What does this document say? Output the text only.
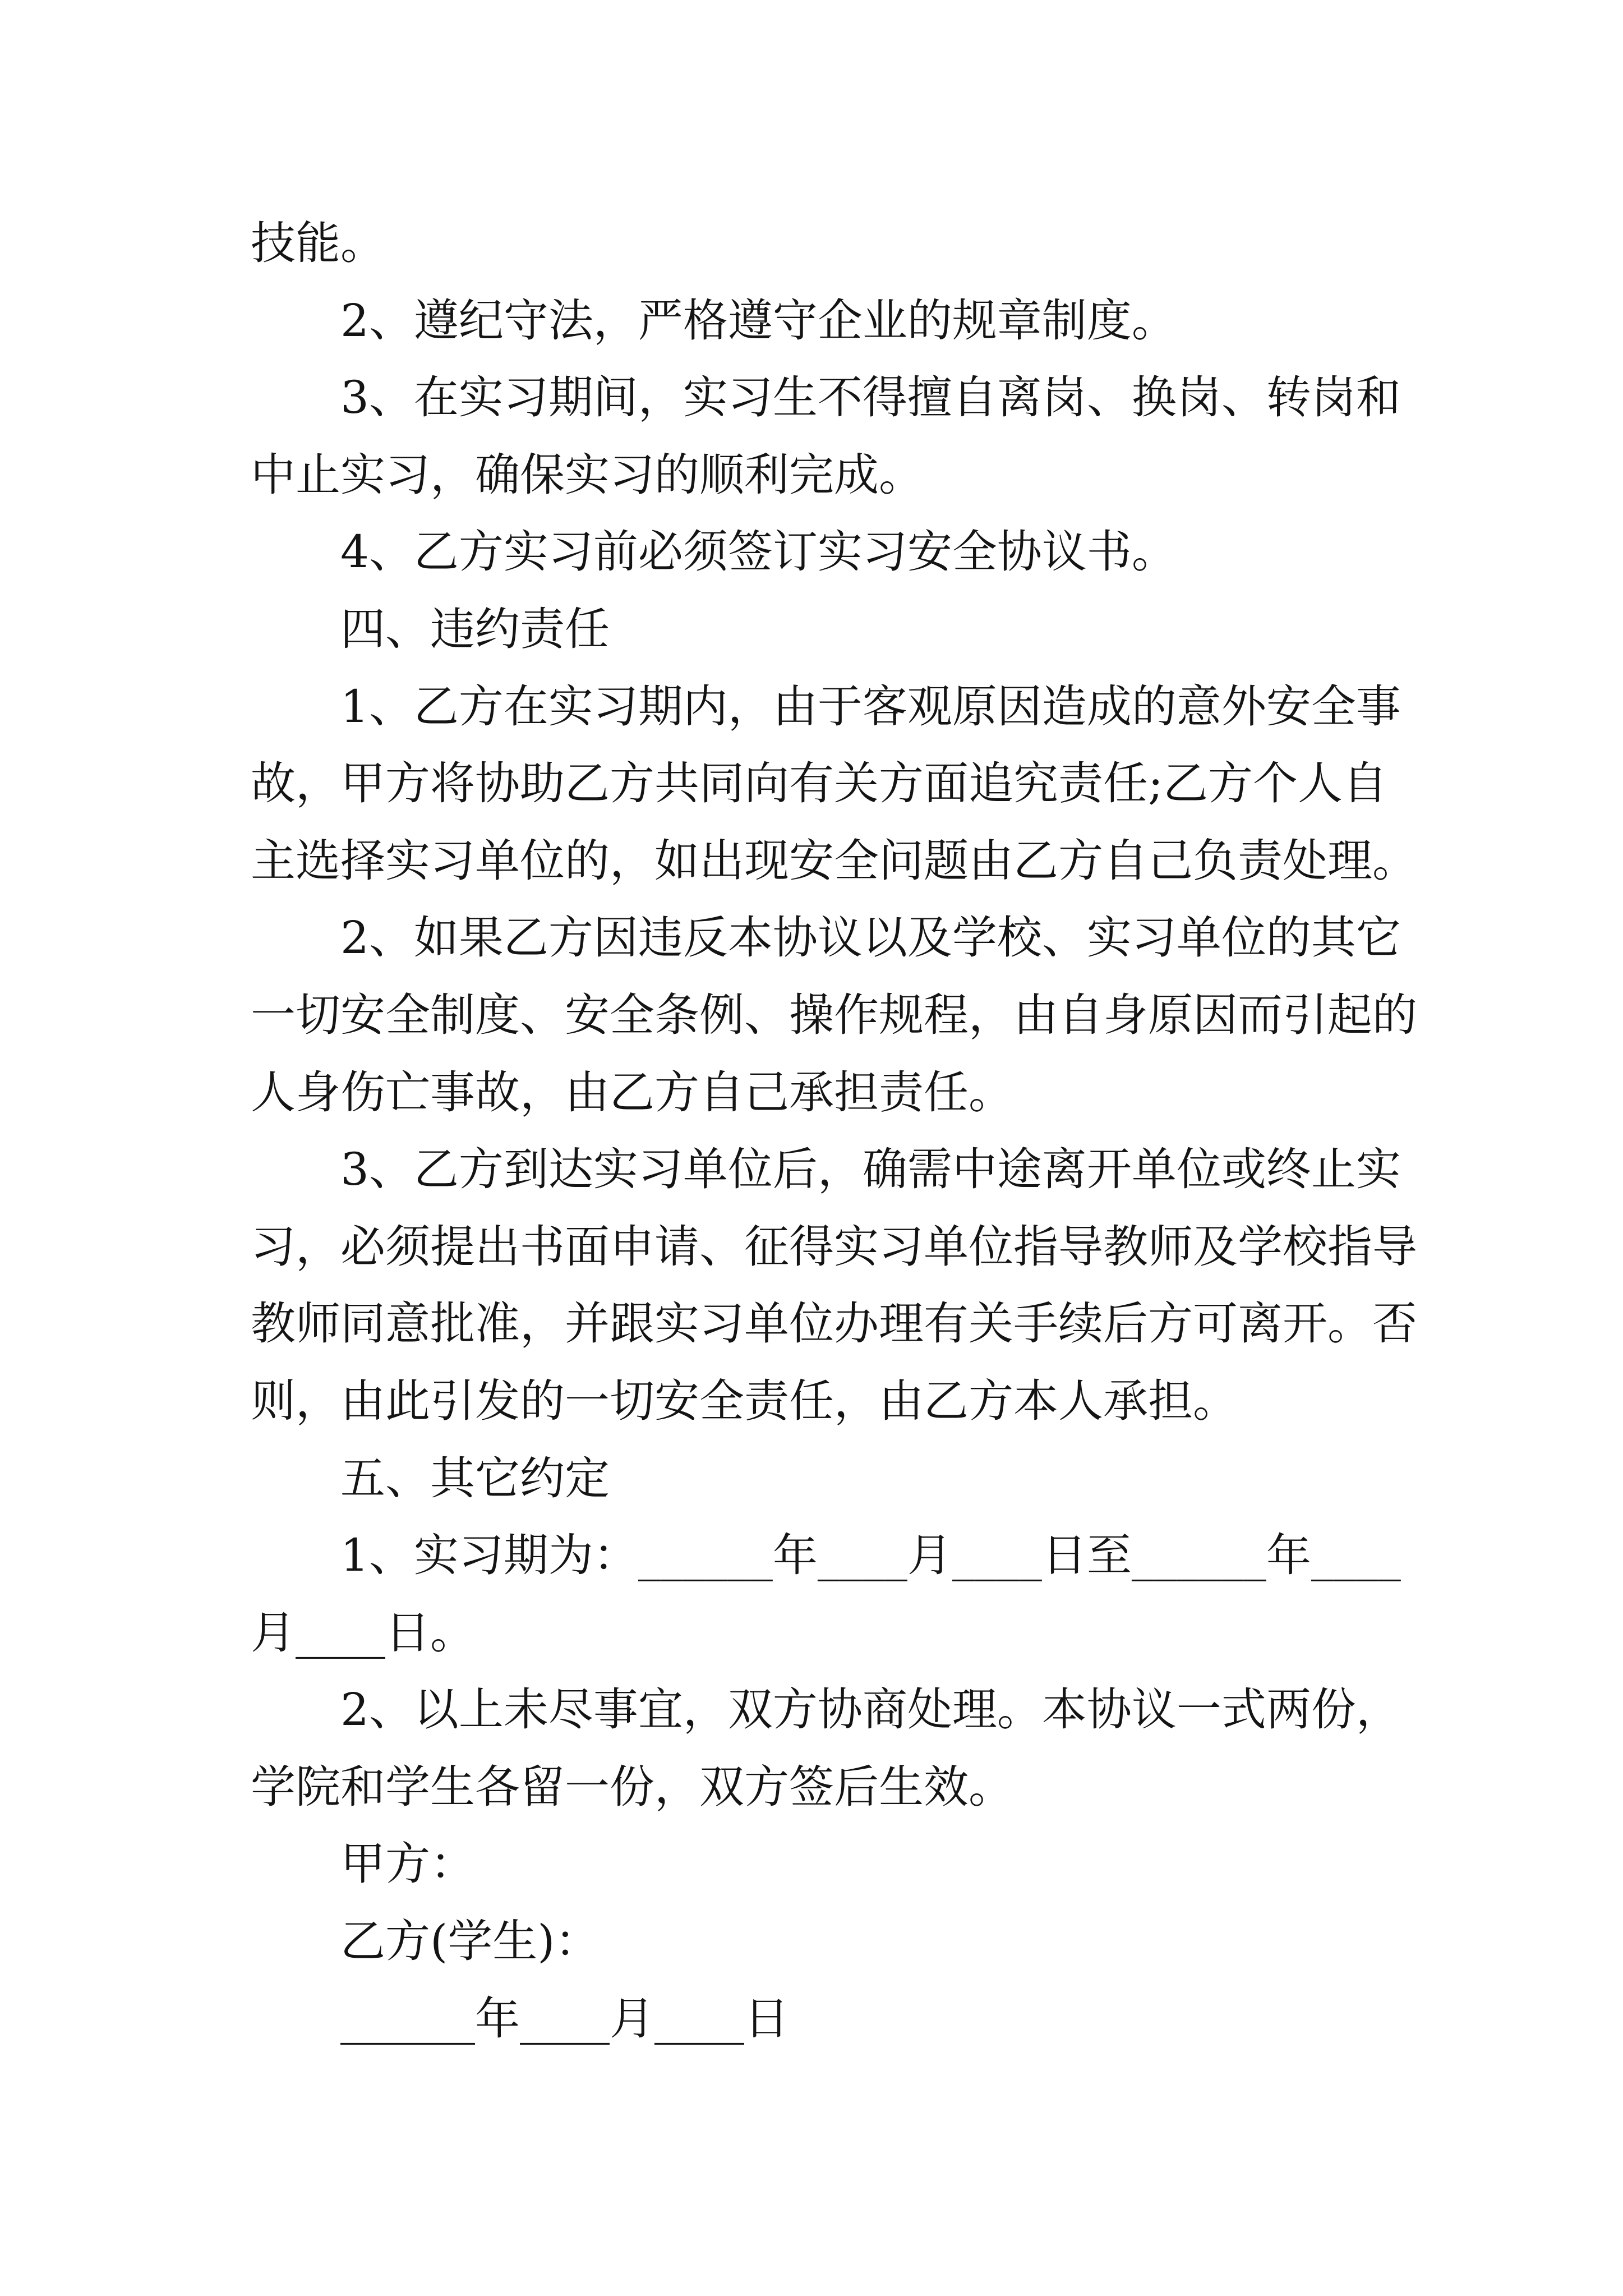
技能。

2、遵纪守法，严格遵守企业的规章制度。

3、在实习期间，实习生不得擅自离岗、换岗、转岗和
中止实习，确保实习的顺利完成。

4、乙方实习前必须签订实习安全协议书。

四、违约责任

1、乙方在实习期内，由于客观原因造成的意外安全事
故，甲方将协助乙方共同向有关方面追究责任;乙方个人自
主选择实习单位的，如出现安全问题由乙方自己负责处理。

2、如果乙方因违反本协议以及学校、实习单位的其它
一切安全制度、安全条例、操作规程，由自身原因而引起的
人身伤亡事故，由乙方自己承担责任。

3、乙方到达实习单位后，确需中途离开单位或终止实
习，必须提出书面申请、征得实习单位指导教师及学校指导
教师同意批准，并跟实习单位办理有关手续后方可离开。否
则，由此引发的一切安全责任，由乙方本人承担。

五、其它约定

1、实习期为：______年____月____日至______年____
月____日。

2、以上未尽事宜，双方协商处理。本协议一式两份，
学院和学生各留一份，双方签后生效。

甲方：
乙方(学生)：
______年____月____日
